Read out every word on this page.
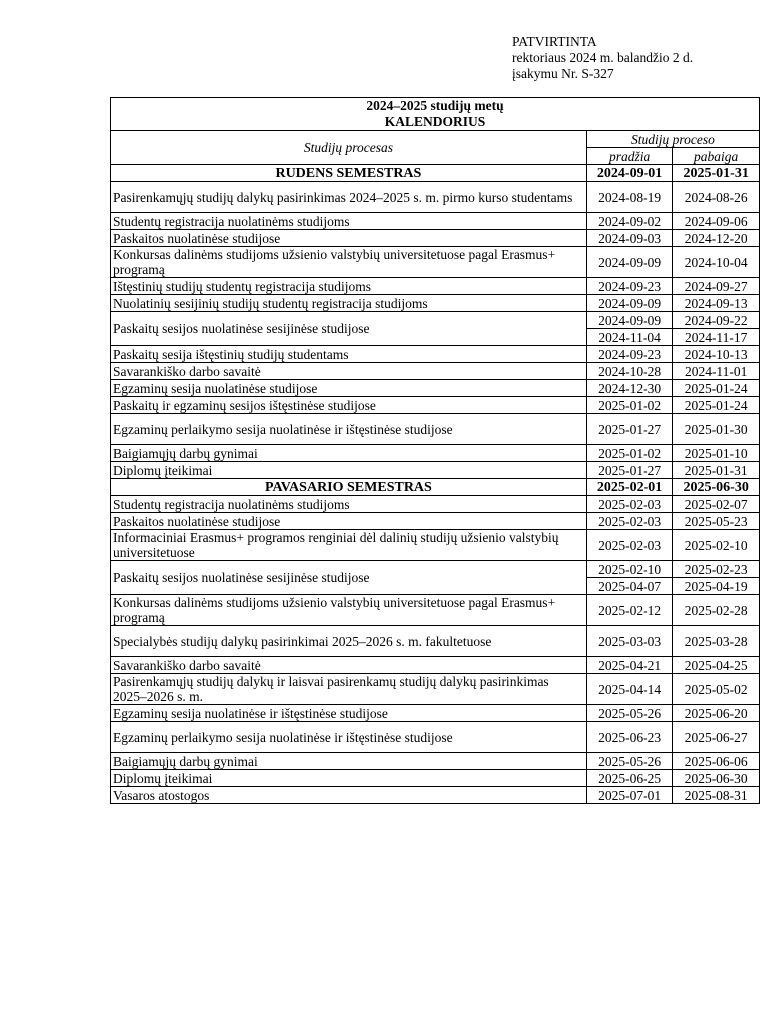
PATVIRTINTA
rektoriaus 2024 m. balandžio 2 d.
įsakymu Nr. S-327
2024–2025 studijų metų
KALENDORIUS		

Studijų procesas	Studijų proceso	
	pradžia	pabaiga
RUDENS SEMESTRAS	2024-09-01	2025-01-31
Pasirenkamųjų studijų dalykų pasirinkimas 2024–2025 s. m. pirmo kurso studentams	2024-08-19	2024-08-26
Studentų registracija nuolatinėms studijoms	2024-09-02	2024-09-06
Paskaitos nuolatinėse studijose	2024-09-03	2024-12-20
Konkursas dalinėms studijoms užsienio valstybių universitetuose pagal Erasmus+ programą	2024-09-09	2024-10-04
Ištęstinių studijų studentų registracija studijoms	2024-09-23	2024-09-27
Nuolatinių sesijinių studijų studentų registracija studijoms	2024-09-09	2024-09-13
Paskaitų sesijos nuolatinėse sesijinėse studijose	2024-09-09	2024-09-22
	2024-11-04	2024-11-17
Paskaitų sesija ištęstinių studijų studentams	2024-09-23	2024-10-13
Savarankiško darbo savaitė	2024-10-28	2024-11-01
Egzaminų sesija nuolatinėse studijose	2024-12-30	2025-01-24
Paskaitų ir egzaminų sesijos ištęstinėse studijose	2025-01-02	2025-01-24
Egzaminų perlaikymo sesija nuolatinėse ir ištęstinėse studijose	2025-01-27	2025-01-30
Baigiamųjų darbų gynimai	2025-01-02	2025-01-10
Diplomų įteikimai	2025-01-27	2025-01-31
PAVASARIO SEMESTRAS	2025-02-01	2025-06-30
Studentų registracija nuolatinėms studijoms	2025-02-03	2025-02-07
Paskaitos nuolatinėse studijose	2025-02-03	2025-05-23
Informaciniai Erasmus+ programos renginiai dėl dalinių studijų užsienio valstybių universitetuose	2025-02-03	2025-02-10
Paskaitų sesijos nuolatinėse sesijinėse studijose	2025-02-10	2025-02-23
	2025-04-07	2025-04-19
Konkursas dalinėms studijoms užsienio valstybių universitetuose pagal Erasmus+ programą	2025-02-12	2025-02-28
Specialybės studijų dalykų pasirinkimai 2025–2026 s. m. fakultetuose	2025-03-03	2025-03-28
Savarankiško darbo savaitė	2025-04-21	2025-04-25
Pasirenkamųjų studijų dalykų ir laisvai pasirenkamų studijų dalykų pasirinkimas 2025–2026 s. m.	2025-04-14	2025-05-02
Egzaminų sesija nuolatinėse ir ištęstinėse studijose	2025-05-26	2025-06-20
Egzaminų perlaikymo sesija nuolatinėse ir ištęstinėse studijose	2025-06-23	2025-06-27
Baigiamųjų darbų gynimai	2025-05-26	2025-06-06
Diplomų įteikimai	2025-06-25	2025-06-30
Vasaros atostogos	2025-07-01	2025-08-31
